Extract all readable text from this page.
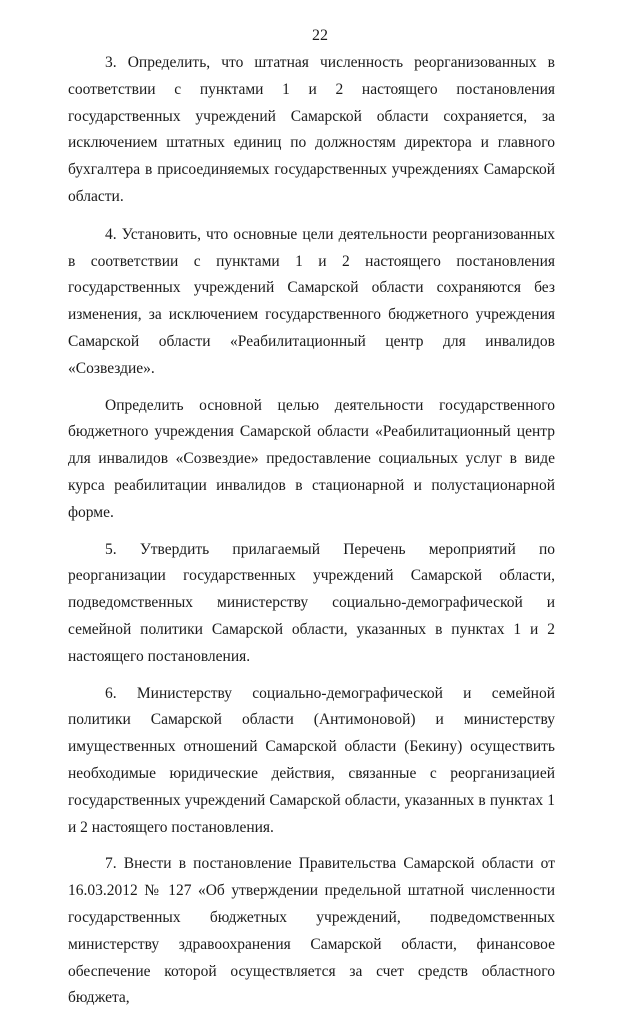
22

3. Определить, что штатная численность реорганизованных в соответствии с пунктами 1 и 2 настоящего постановления государственных учреждений Самарской области сохраняется, за исключением штатных единиц по должностям директора и главного бухгалтера в присоединяемых государственных учреждениях Самарской области.

4. Установить, что основные цели деятельности реорганизованных в соответствии с пунктами 1 и 2 настоящего постановления государственных учреждений Самарской области сохраняются без изменения, за исключением государственного бюджетного учреждения Самарской области «Реабилитационный центр для инвалидов «Созвездие».

Определить основной целью деятельности государственного бюджетного учреждения Самарской области «Реабилитационный центр для инвалидов «Созвездие» предоставление социальных услуг в виде курса реабилитации инвалидов в стационарной и полустационарной форме.

5. Утвердить прилагаемый Перечень мероприятий по реорганизации государственных учреждений Самарской области, подведомственных министерству социально-демографической и семейной политики Самарской области, указанных в пунктах 1 и 2 настоящего постановления.

6. Министерству социально-демографической и семейной политики Самарской области (Антимоновой) и министерству имущественных отношений Самарской области (Бекину) осуществить необходимые юридические действия, связанные с реорганизацией государственных учреждений Самарской области, указанных в пунктах 1 и 2 настоящего постановления.

7. Внести в постановление Правительства Самарской области от 16.03.2012 № 127 «Об утверждении предельной штатной численности государственных бюджетных учреждений, подведомственных министерству здравоохранения Самарской области, финансовое обеспечение которой осуществляется за счет средств областного бюджета,
